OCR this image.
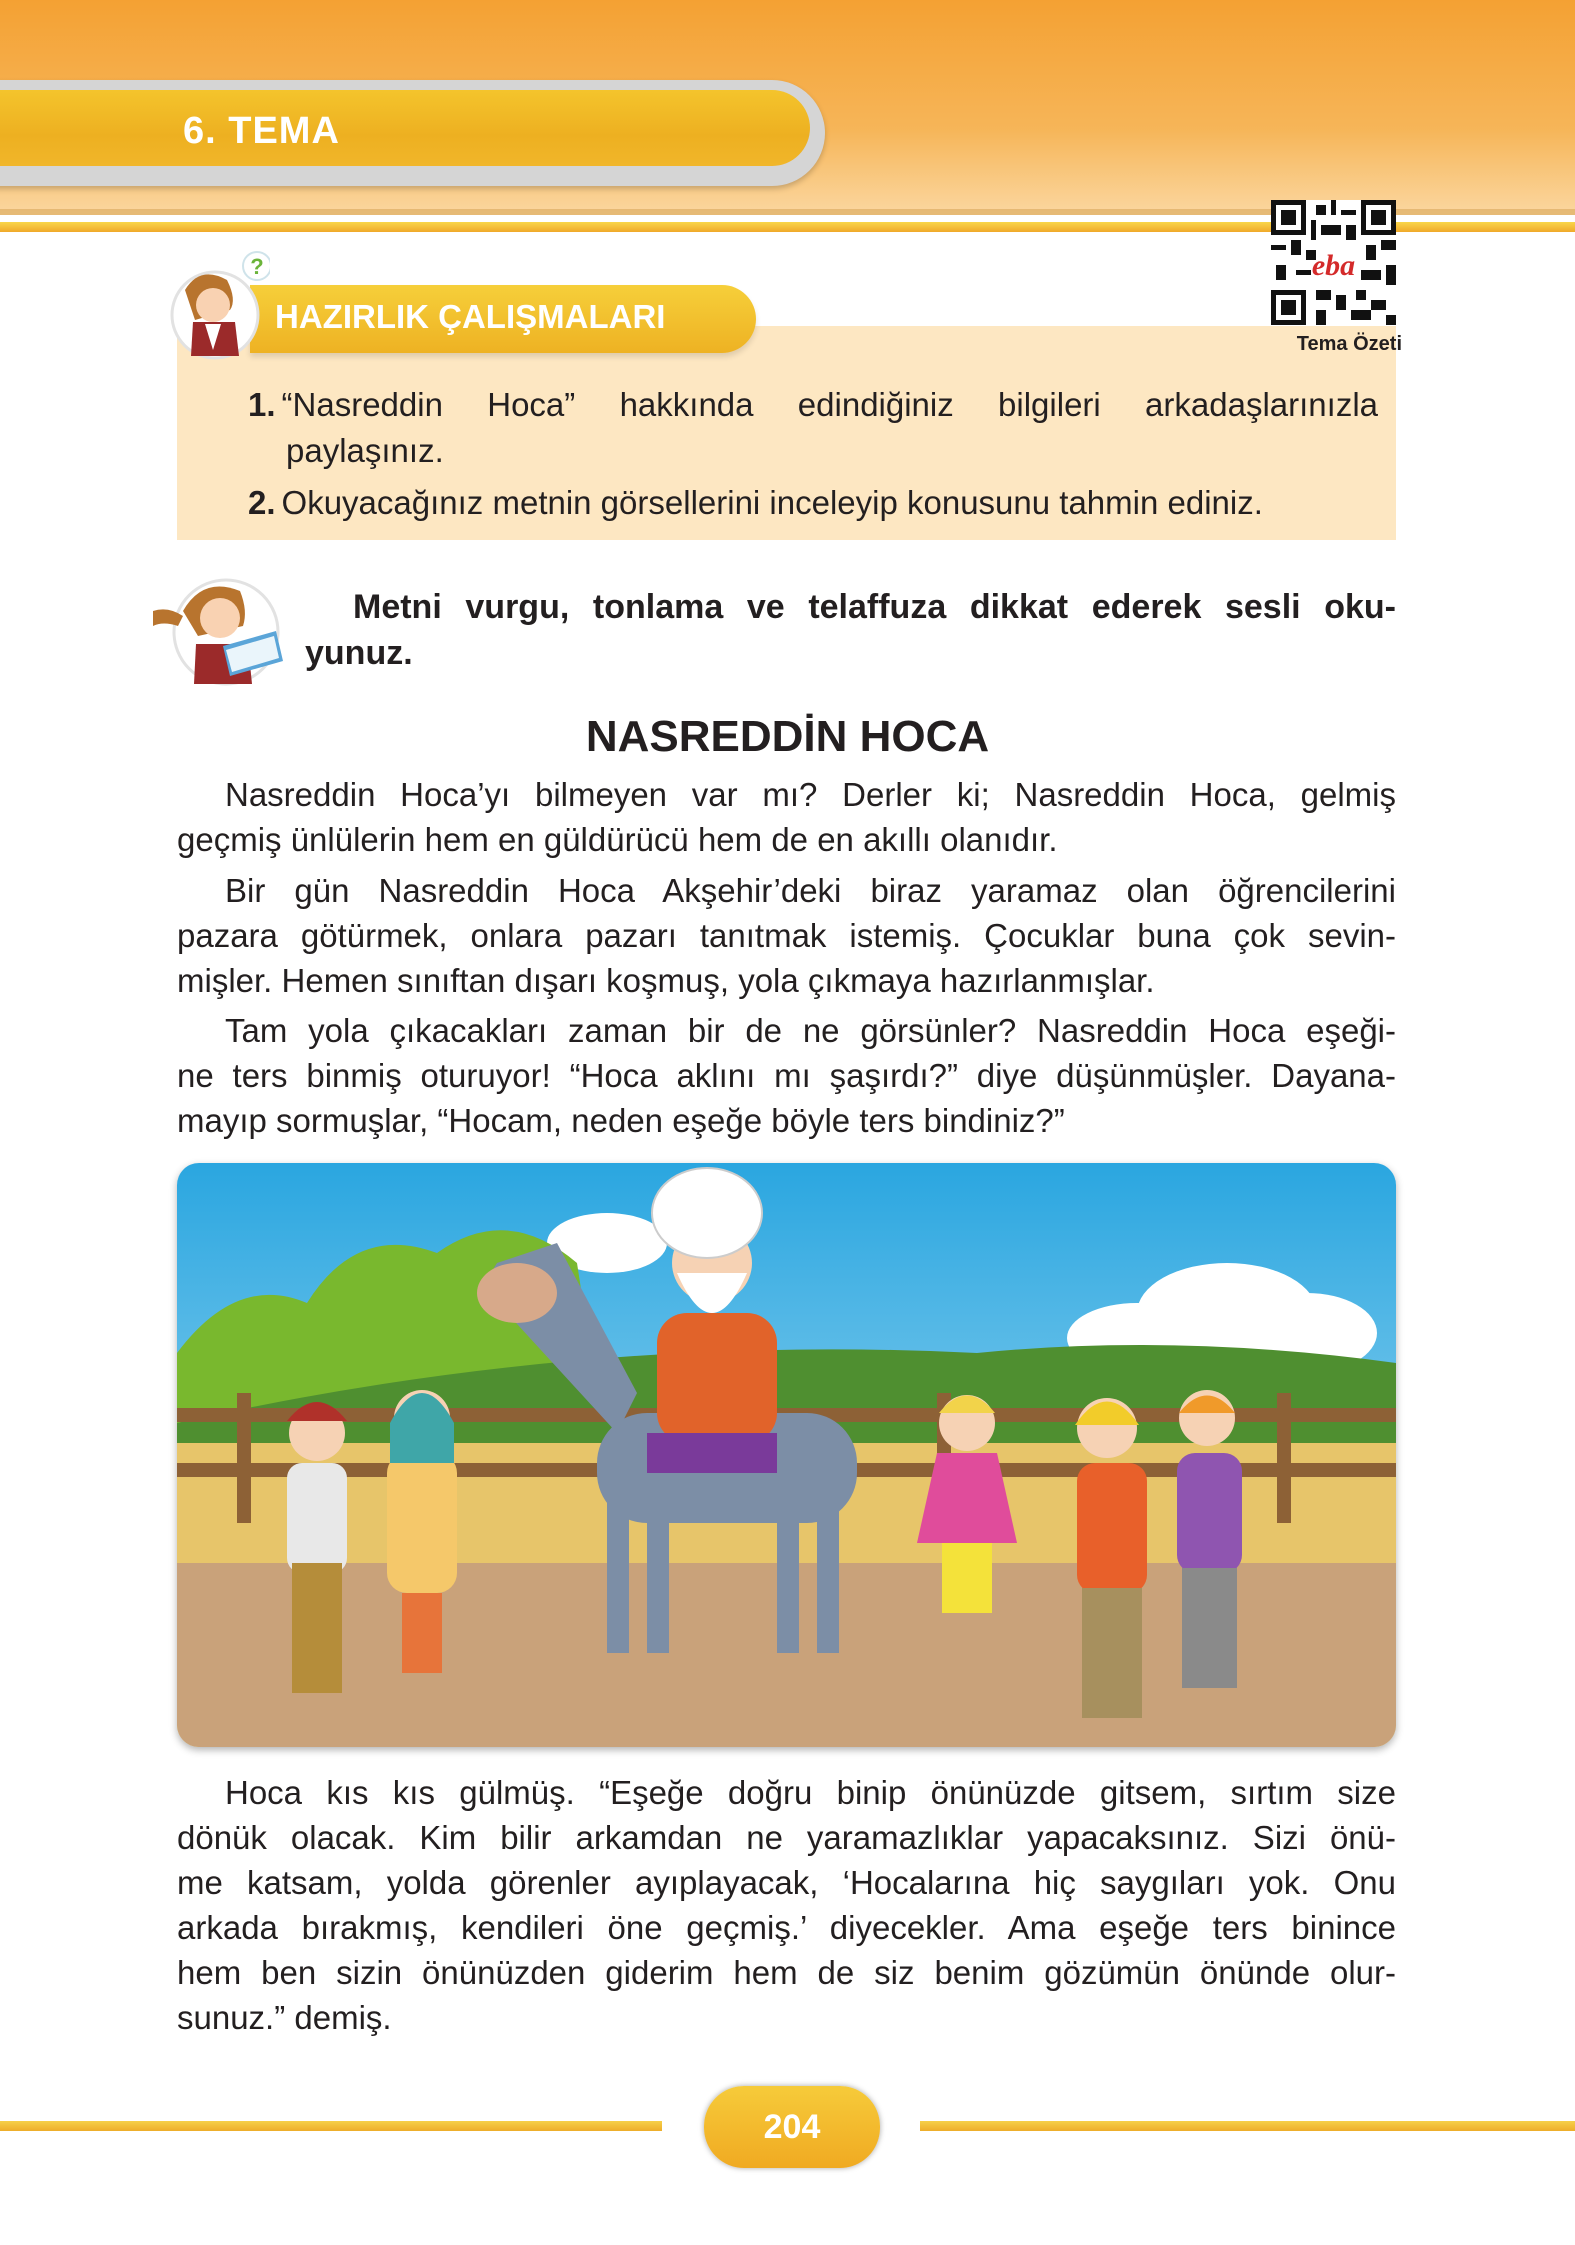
6. TEMA
eba
Tema Özeti
?
HAZIRLIK ÇALIŞMALARI
1. “Nasreddin Hoca” hakkında edindiğiniz bilgileri arkadaşlarınızla
paylaşınız.
2. Okuyacağınız metnin görsellerini inceleyip konusunu tahmin ediniz.
Metni vurgu, tonlama ve telaffuza dikkat ederek sesli oku-
yunuz.
NASREDDİN HOCA
Nasreddin Hoca’yı bilmeyen var mı? Derler ki; Nasreddin Hoca, gelmiş
geçmiş ünlülerin hem en güldürücü hem de en akıllı olanıdır.
Bir gün Nasreddin Hoca Akşehir’deki biraz yaramaz olan öğrencilerini
pazara götürmek, onlara pazarı tanıtmak istemiş. Çocuklar buna çok sevin-
mişler. Hemen sınıftan dışarı koşmuş, yola çıkmaya hazırlanmışlar.
Tam yola çıkacakları zaman bir de ne görsünler? Nasreddin Hoca eşeği-
ne ters binmiş oturuyor! “Hoca aklını mı şaşırdı?” diye düşünmüşler. Dayana-
mayıp sormuşlar, “Hocam, neden eşeğe böyle ters bindiniz?”
Hoca kıs kıs gülmüş. “Eşeğe doğru binip önünüzde gitsem, sırtım size
dönük olacak. Kim bilir arkamdan ne yaramazlıklar yapacaksınız. Sizi önü-
me katsam, yolda görenler ayıplayacak, ‘Hocalarına hiç saygıları yok. Onu
arkada bırakmış, kendileri öne geçmiş.’ diyecekler. Ama eşeğe ters binince
hem ben sizin önünüzden giderim hem de siz benim gözümün önünde olur-
sunuz.” demiş.
204
